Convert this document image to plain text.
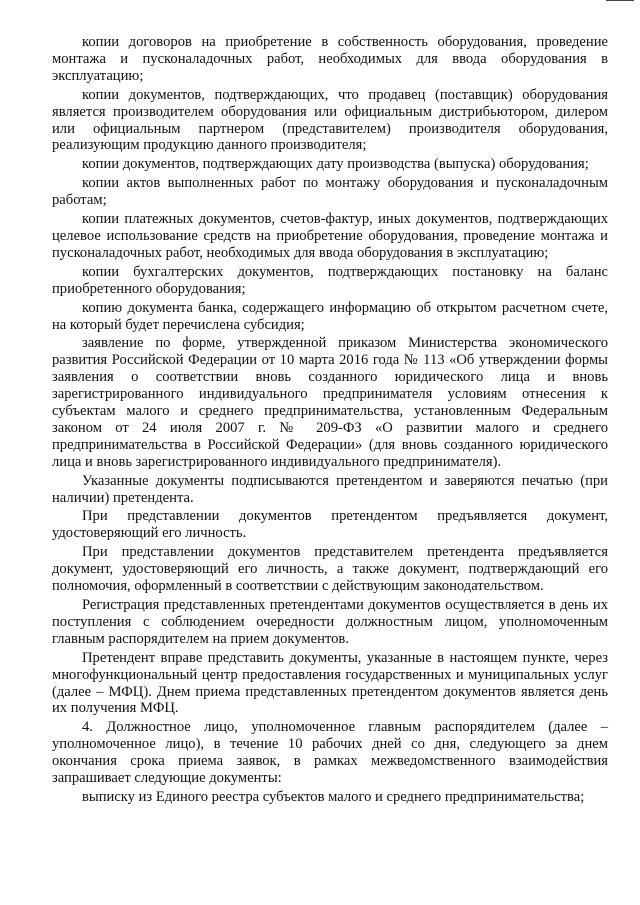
копии договоров на приобретение в собственность оборудования, проведение монтажа и пусконаладочных работ, необходимых для ввода оборудования в эксплуатацию;

копии документов, подтверждающих, что продавец (поставщик) оборудования является производителем оборудования или официальным дистрибьютором, дилером или официальным партнером (представителем) производителя оборудования, реализующим продукцию данного производителя;

копии документов, подтверждающих дату производства (выпуска) оборудования;

копии актов выполненных работ по монтажу оборудования и пусконаладочным работам;

копии платежных документов, счетов-фактур, иных документов, подтверждающих целевое использование средств на приобретение оборудования, проведение монтажа и пусконаладочных работ, необходимых для ввода оборудования в эксплуатацию;

копии бухгалтерских документов, подтверждающих постановку на баланс приобретенного оборудования;

копию документа банка, содержащего информацию об открытом расчетном счете, на который будет перечислена субсидия;

заявление по форме, утвержденной приказом Министерства экономического развития Российской Федерации от 10 марта 2016 года № 113 «Об утверждении формы заявления о соответствии вновь созданного юридического лица и вновь зарегистрированного индивидуального предпринимателя условиям отнесения к субъектам малого и среднего предпринимательства, установленным Федеральным законом от 24 июля 2007 г. № 209-ФЗ «О развитии малого и среднего предпринимательства в Российской Федерации» (для вновь созданного юридического лица и вновь зарегистрированного индивидуального предпринимателя).

Указанные документы подписываются претендентом и заверяются печатью (при наличии) претендента.

При представлении документов претендентом предъявляется документ, удостоверяющий его личность.

При представлении документов представителем претендента предъявляется документ, удостоверяющий его личность, а также документ, подтверждающий его полномочия, оформленный в соответствии с действующим законодательством.

Регистрация представленных претендентами документов осуществляется в день их поступления с соблюдением очередности должностным лицом, уполномоченным главным распорядителем на прием документов.

Претендент вправе представить документы, указанные в настоящем пункте, через многофункциональный центр предоставления государственных и муниципальных услуг (далее – МФЦ). Днем приема представленных претендентом документов является день их получения МФЦ.

4. Должностное лицо, уполномоченное главным распорядителем (далее – уполномоченное лицо), в течение 10 рабочих дней со дня, следующего за днем окончания срока приема заявок, в рамках межведомственного взаимодействия запрашивает следующие документы:

выписку из Единого реестра субъектов малого и среднего предпринимательства;
